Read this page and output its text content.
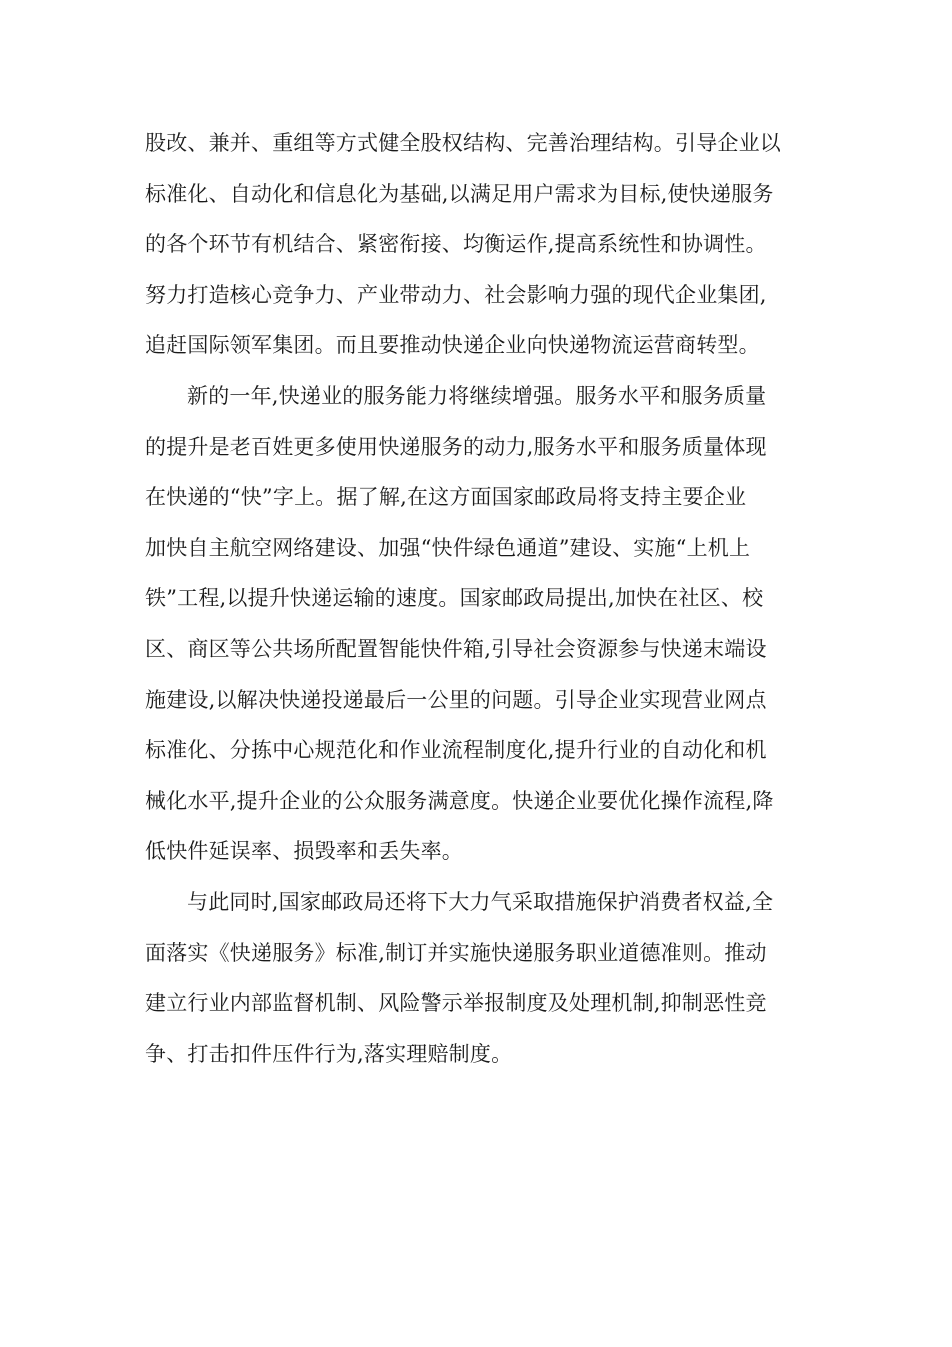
股改、兼并、重组等方式健全股权结构、完善治理结构。引导企业以
标准化、自动化和信息化为基础,以满足用户需求为目标,使快递服务
的各个环节有机结合、紧密衔接、均衡运作,提高系统性和协调性。
努力打造核心竞争力、产业带动力、社会影响力强的现代企业集团,
追赶国际领军集团。而且要推动快递企业向快递物流运营商转型。
新的一年,快递业的服务能力将继续增强。服务水平和服务质量
的提升是老百姓更多使用快递服务的动力,服务水平和服务质量体现
在快递的“快”字上。据了解,在这方面国家邮政局将支持主要企业
加快自主航空网络建设、加强“快件绿色通道”建设、实施“上机上
铁”工程,以提升快递运输的速度。国家邮政局提出,加快在社区、校
区、商区等公共场所配置智能快件箱,引导社会资源参与快递末端设
施建设,以解决快递投递最后一公里的问题。引导企业实现营业网点
标准化、分拣中心规范化和作业流程制度化,提升行业的自动化和机
械化水平,提升企业的公众服务满意度。快递企业要优化操作流程,降
低快件延误率、损毁率和丢失率。
与此同时,国家邮政局还将下大力气采取措施保护消费者权益,全
面落实《快递服务》标准,制订并实施快递服务职业道德准则。推动
建立行业内部监督机制、风险警示举报制度及处理机制,抑制恶性竞
争、打击扣件压件行为,落实理赔制度。
